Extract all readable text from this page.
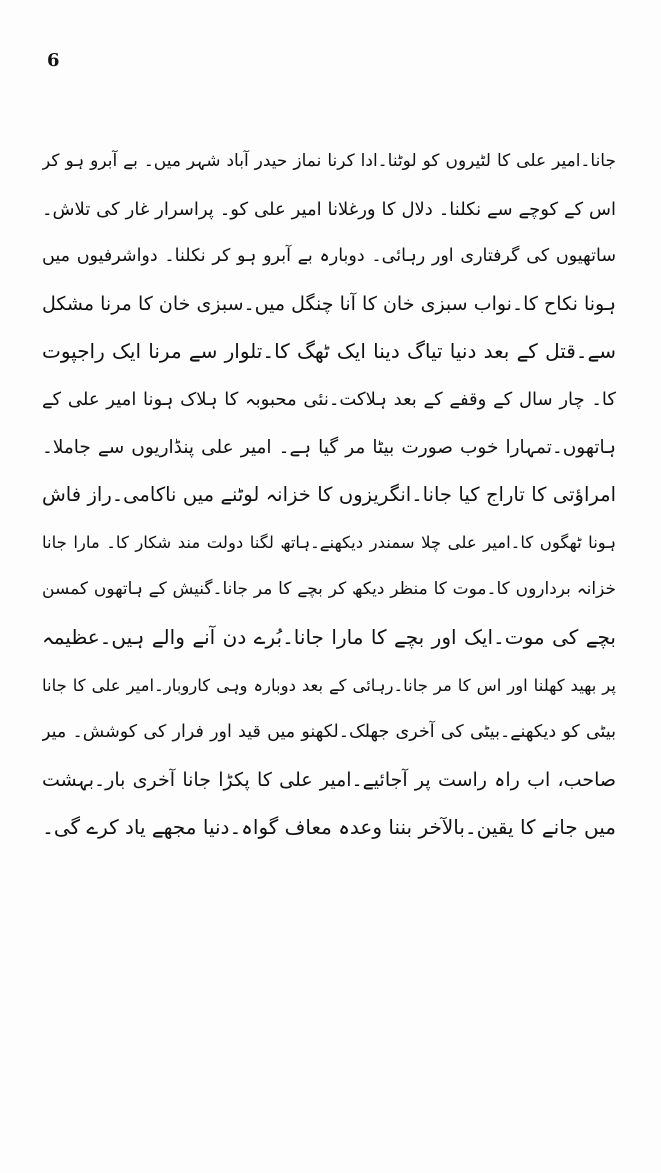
6
جانا۔امیر علی کا لٹیروں کو لوٹنا۔ادا کرنا نماز حیدر آباد شہر میں۔ بے آبرو ہو کر
اس کے کوچے سے نکلنا۔ دلال کا ورغلانا امیر علی کو۔ پراسرار غار کی تلاش۔
ساتھیوں کی گرفتاری اور رہائی۔ دوبارہ بے آبرو ہو کر نکلنا۔ دواشرفیوں میں
ہونا نکاح کا۔نواب سبزی خان کا آنا چنگل میں۔سبزی خان کا مرنا مشکل
سے۔قتل کے بعد دنیا تیاگ دینا ایک ٹھگ کا۔تلوار سے مرنا ایک راجپوت
کا۔ چار سال کے وقفے کے بعد ہلاکت۔نئی محبوبہ کا ہلاک ہونا امیر علی کے
ہاتھوں۔تمہارا خوب صورت بیٹا مر گیا ہے۔ امیر علی پنڈاریوں سے جاملا۔
امراؤتی کا تاراج کیا جانا۔انگریزوں کا خزانہ لوٹنے میں ناکامی۔راز فاش
ہونا ٹھگوں کا۔امیر علی چلا سمندر دیکھنے۔ہاتھ لگنا دولت مند شکار کا۔ مارا جانا
خزانہ برداروں کا۔موت کا منظر دیکھ کر بچے کا مر جانا۔گنیش کے ہاتھوں کمسن
بچے کی موت۔ایک اور بچے کا مارا جانا۔بُرے دن آنے والے ہیں۔عظیمہ
پر بھید کھلنا اور اس کا مر جانا۔رہائی کے بعد دوبارہ وہی کاروبار۔امیر علی کا جانا
بیٹی کو دیکھنے۔بیٹی کی آخری جھلک۔لکھنو میں قید اور فرار کی کوشش۔ میر
صاحب، اب راہ راست پر آجائیے۔امیر علی کا پکڑا جانا آخری بار۔بہشت
میں جانے کا یقین۔بالآخر بننا وعدہ معاف گواہ۔دنیا مجھے یاد کرے گی۔
